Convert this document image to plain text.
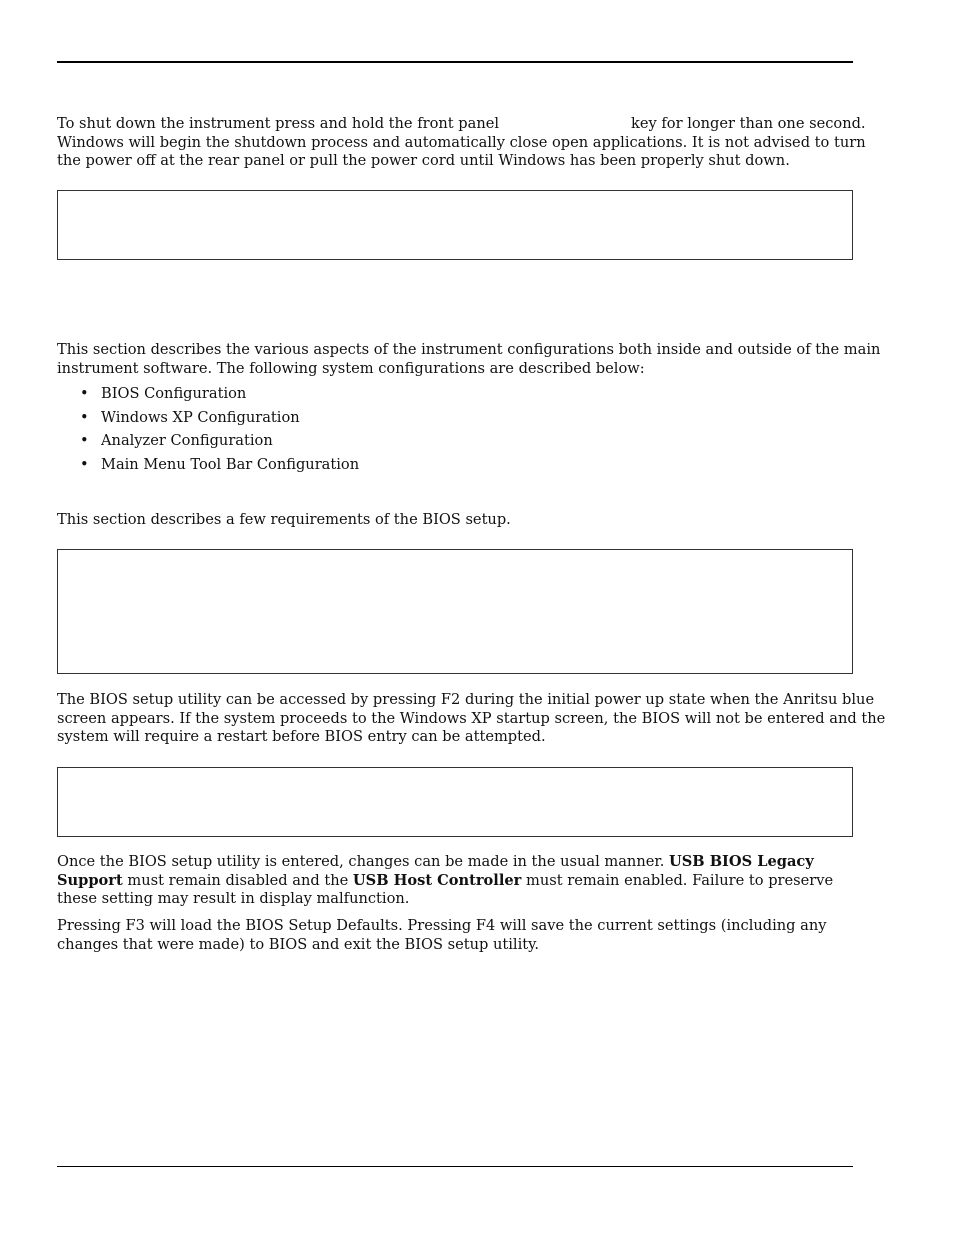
To shut down the instrument press and hold the front panel	key for longer than one second.
Windows will begin the shutdown process and automatically close open applications. It is not advised to turn
the power off at the rear panel or pull the power cord until Windows has been properly shut down.

This section describes the various aspects of the instrument configurations both inside and outside of the main
instrument software. The following system configurations are described below:

• BIOS Configuration
• Windows XP Configuration
• Analyzer Configuration
• Main Menu Tool Bar Configuration

This section describes a few requirements of the BIOS setup.

The BIOS setup utility can be accessed by pressing F2 during the initial power up state when the Anritsu blue
screen appears. If the system proceeds to the Windows XP startup screen, the BIOS will not be entered and the
system will require a restart before BIOS entry can be attempted.

Once the BIOS setup utility is entered, changes can be made in the usual manner. USB BIOS Legacy
Support must remain disabled and the USB Host Controller must remain enabled. Failure to preserve
these setting may result in display malfunction.

Pressing F3 will load the BIOS Setup Defaults. Pressing F4 will save the current settings (including any
changes that were made) to BIOS and exit the BIOS setup utility.
